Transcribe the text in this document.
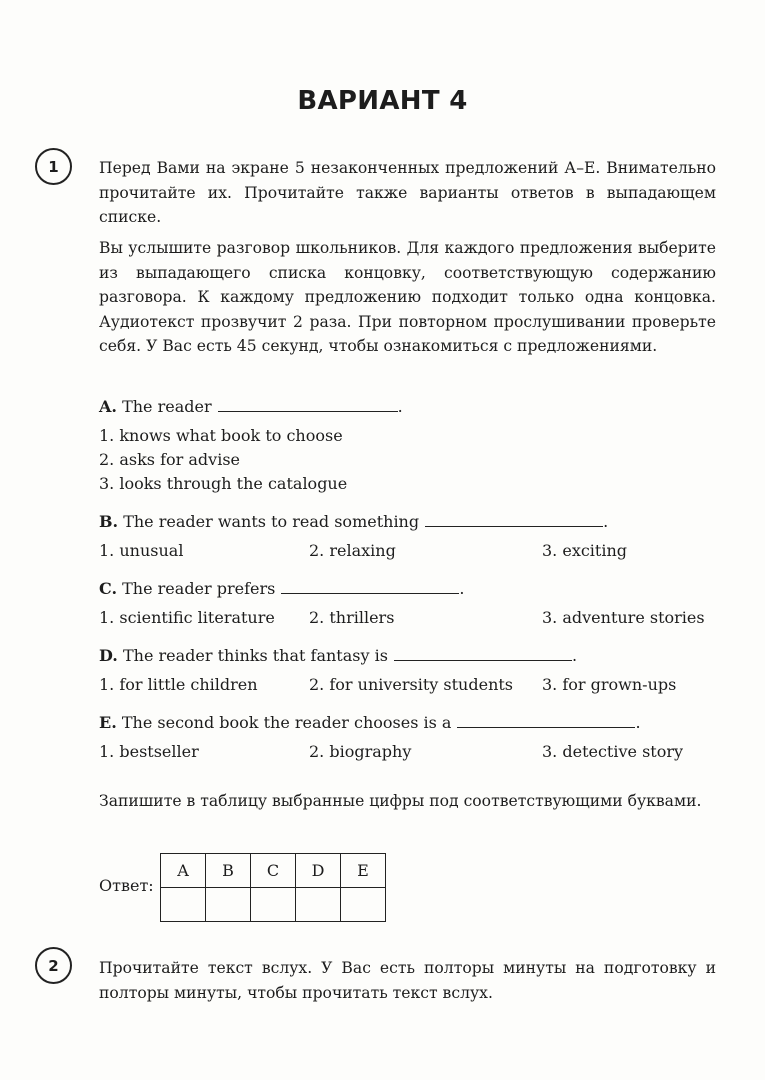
ВАРИАНТ 4
1	Перед Вами на экране 5 незаконченных предложений А–Е. Внимательно прочитайте их. Прочитайте также варианты ответов в выпадающем списке.
Вы услышите разговор школьников. Для каждого предложения выберите из выпадающего списка концовку, соответствующую содержанию разговора. К каждому предложению подходит только одна концовка. Аудиотекст прозвучит 2 раза. При повторном прослушивании проверьте себя. У Вас есть 45 секунд, чтобы ознакомиться с предложениями.
A. The reader	.
1. knows what book to choose
2. asks for advise
3. looks through the catalogue
B. The reader wants to read something	.
1. unusual	2. relaxing	3. exciting
C. The reader prefers	.
1. scientific literature 2. thrillers	3. adventure stories
D. The reader thinks that fantasy is	.
1. for little children	2. for university students 3. for grown-ups
E. The second book the reader chooses is a	.
1. bestseller	2. biography	3. detective story
Запишите в таблицу выбранные цифры под соответствующими буквами.
Ответ:
A	B	C	D	E

2	Прочитайте текст вслух. У Вас есть полторы минуты на подготовку и полторы минуты, чтобы прочитать текст вслух.
